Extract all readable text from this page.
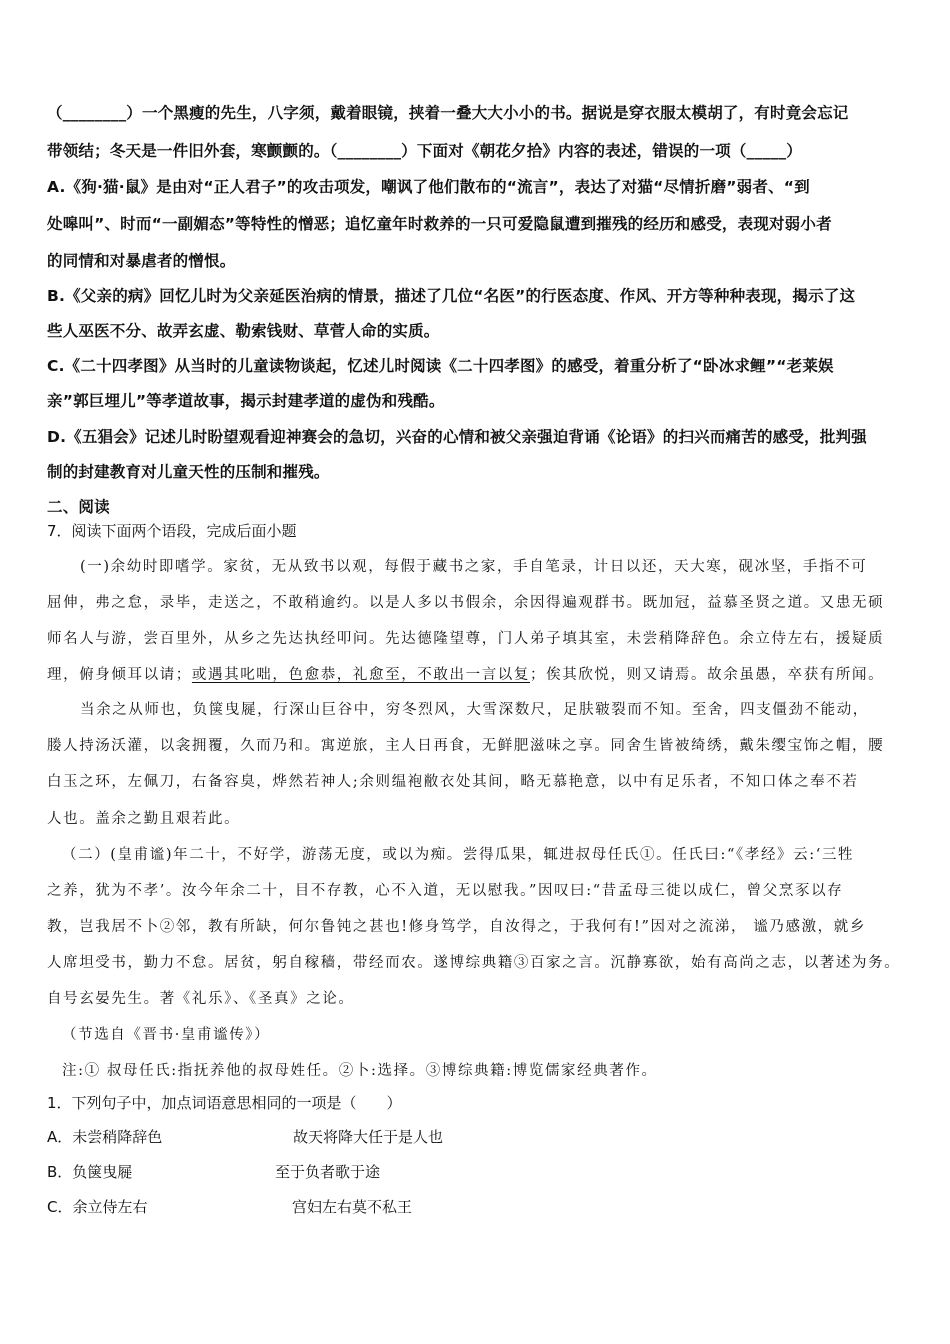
（________）一个黑瘦的先生，八字须，戴着眼镜，挟着一叠大大小小的书。据说是穿衣服太模胡了，有时竟会忘记
带领结；冬天是一件旧外套，寒颤颤的。（________）下面对《朝花夕拾》内容的表述，错误的一项（_____）
A.《狗·猫·鼠》是由对“正人君子”的攻击项发，嘲讽了他们散布的“流言”，表达了对猫“尽情折磨”弱者、“到
处嗥叫”、时而“一副媚态”等特性的憎恶；追忆童年时救养的一只可爱隐鼠遭到摧残的经历和感受，表现对弱小者
的同情和对暴虐者的憎恨。
B.《父亲的病》回忆儿时为父亲延医治病的情景，描述了几位“名医”的行医态度、作风、开方等种种表现，揭示了这
些人巫医不分、故弄玄虚、勒索钱财、草菅人命的实质。
C.《二十四孝图》从当时的儿童读物谈起，忆述儿时阅读《二十四孝图》的感受，着重分析了“卧冰求鲤”“老莱娱
亲”郭巨埋儿”等孝道故事，揭示封建孝道的虚伪和残酷。
D.《五猖会》记述儿时盼望观看迎神赛会的急切，兴奋的心情和被父亲强迫背诵《论语》的扫兴而痛苦的感受，批判强
制的封建教育对儿童天性的压制和摧残。
二、阅读
7．阅读下面两个语段，完成后面小题
(一)余幼时即嗜学。家贫，无从致书以观，每假于藏书之家，手自笔录，计日以还，天大寒，砚冰坚，手指不可
屈伸，弗之怠，录毕，走送之，不敢稍逾约。以是人多以书假余，余因得遍观群书。既加冠，益慕圣贤之道。又患无硕
师名人与游，尝百里外，从乡之先达执经叩问。先达德隆望尊，门人弟子填其室，未尝稍降辞色。余立侍左右，援疑质
理，俯身倾耳以请；或遇其叱咄，色愈恭，礼愈至，不敢出一言以复；俟其欣悦，则又请焉。故余虽愚，卒获有所闻。
当余之从师也，负箧曳屣，行深山巨谷中，穷冬烈风，大雪深数尺，足肤皲裂而不知。至舍，四支僵劲不能动，
媵人持汤沃灌，以衾拥覆，久而乃和。寓逆旅，主人日再食，无鲜肥滋味之享。同舍生皆被绮绣，戴朱缨宝饰之帽，腰
白玉之环，左佩刀，右备容臭，烨然若神人;余则缊袍敝衣处其间，略无慕艳意，以中有足乐者，不知口体之奉不若
人也。盖余之勤且艰若此。
（二）(皇甫谧)年二十，不好学，游荡无度，或以为痴。尝得瓜果，辄进叔母任氏①。任氏曰:“《孝经》云:‘三牲
之养，犹为不孝’。汝今年余二十，目不存教，心不入道，无以慰我。”因叹曰:“昔孟母三徙以成仁，曾父烹豕以存
教，岂我居不卜②邻，教有所缺，何尔鲁钝之甚也!修身笃学，自汝得之，于我何有!”因对之流涕， 谧乃感激，就乡
人席坦受书，勤力不怠。居贫，躬自稼穑，带经而农。遂博综典籍③百家之言。沉静寡欲，始有高尚之志，以著述为务。
自号玄晏先生。著《礼乐》、《圣真》之论。
（节选自《晋书·皇甫谧传》）
注:① 叔母任氏:指抚养他的叔母姓任。②卜:选择。③博综典籍:博览儒家经典著作。
1．下列句子中，加点词语意思相同的一项是（　　）
A．未尝稍降辞色	故天将降大任于是人也
B．负箧曳屣	至于负者歌于途
C．余立侍左右	宫妇左右莫不私王
